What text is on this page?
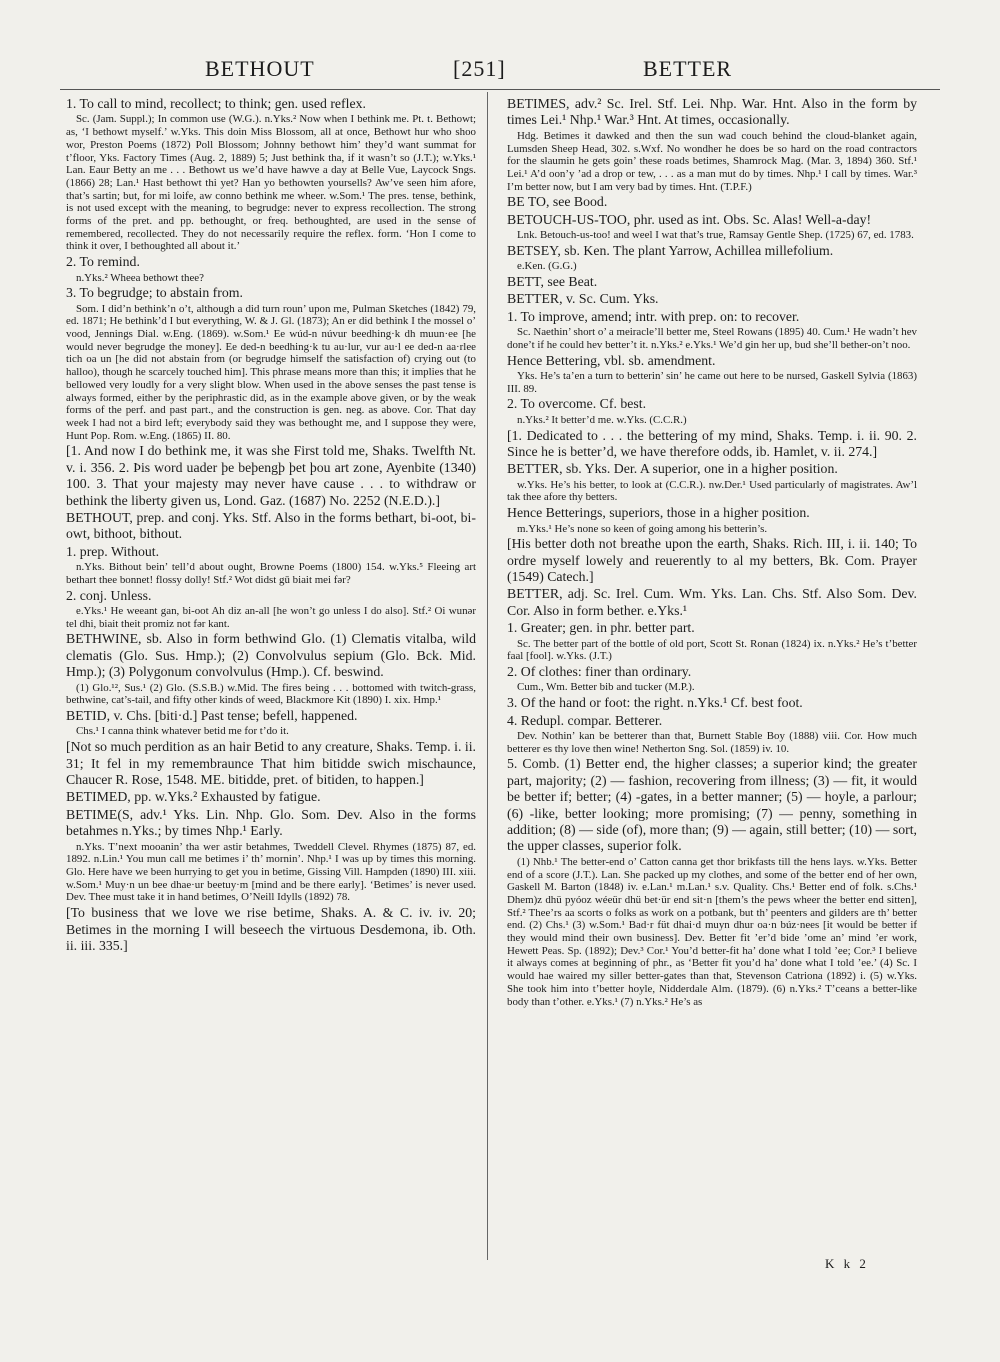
BETHOUT	[251]	BETTER

1. To call to mind, recollect; to think; gen. used reflex.

Sc. (Jam. Suppl.); In common use (W.G.). n.Yks.² Now when I bethink me. Pt. t. Bethowt; as, ‘I bethowt myself.’ w.Yks. This doin Miss Blossom, all at once, Bethowt hur who shoo wor, Preston Poems (1872) Poll Blossom; Johnny bethowt him’ they’d want summat for t’floor, Yks. Factory Times (Aug. 2, 1889) 5; Just bethink tha, if it wasn’t so (J.T.); w.Yks.¹ Lan. Eaur Betty an me . . . Bethowt us we’d have hawve a day at Belle Vue, Laycock Sngs. (1866) 28; Lan.¹ Hast bethowt thi yet? Han yo bethowten yoursells? Aw’ve seen him afore, that’s sartin; but, for mi loife, aw conno bethink me wheer. w.Som.¹ The pres. tense, bethink, is not used except with the meaning, to begrudge: never to express recollection. The strong forms of the pret. and pp. bethought, or freq. bethoughted, are used in the sense of remembered, recollected. They do not necessarily require the reflex. form. ‘Hon I come to think it over, I bethoughted all about it.’

2. To remind.

n.Yks.² Wheea bethowt thee?

3. To begrudge; to abstain from.

Som. I did’n bethink’n o’t, although a did turn roun’ upon me, Pulman Sketches (1842) 79, ed. 1871; He bethink’d I but everything, W. & J. Gl. (1873); An er did bethink I the mossel o’ vood, Jennings Dial. w.Eng. (1869). w.Som.¹ Ee wúd-n núvur beedhing·k dh muun·ee [he would never begrudge the money]. Ee ded-n beedhing·k tu au·lur, vur au·l ee ded-n aa·rlee tich oa un [he did not abstain from (or begrudge himself the satisfaction of) crying out (to halloo), though he scarcely touched him]. This phrase means more than this; it implies that he bellowed very loudly for a very slight blow. When used in the above senses the past tense is always formed, either by the periphrastic did, as in the example above given, or by the weak forms of the perf. and past part., and the construction is gen. neg. as above. Cor. That day week I had not a bird left; everybody said they was bethought me, and I suppose they were, Hunt Pop. Rom. w.Eng. (1865) II. 80.

[1. And now I do bethink me, it was she First told me, Shaks. Twelfth Nt. v. i. 356. 2. Þis word uader þe beþengþ þet þou art zone, Ayenbite (1340) 100. 3. That your majesty may never have cause . . . to withdraw or bethink the liberty given us, Lond. Gaz. (1687) No. 2252 (N.E.D.).]

BETHOUT, prep. and conj. Yks. Stf. Also in the forms bethart, bi-oot, bi-owt, bithoot, bithout.

1. prep. Without.

n.Yks. Bithout bein’ tell’d about ought, Browne Poems (1800) 154. w.Yks.⁵ Fleeing art bethart thee bonnet! flossy dolly! Stf.² Wot didst gū biait mei fər?

2. conj. Unless.

e.Yks.¹ He weeant gan, bi-oot Ah diz an-all [he won’t go unless I do also]. Stf.² Oi wunər tel dhi, biait theit promiz not fər kant.

BETHWINE, sb. Also in form bethwind Glo. (1) Clematis vitalba, wild clematis (Glo. Sus. Hmp.); (2) Convolvulus sepium (Glo. Bck. Mid. Hmp.); (3) Polygonum convolvulus (Hmp.). Cf. beswind.

(1) Glo.¹², Sus.¹ (2) Glo. (S.S.B.) w.Mid. The fires being . . . bottomed with twitch-grass, bethwine, cat’s-tail, and fifty other kinds of weed, Blackmore Kit (1890) I. xix. Hmp.¹

BETID, v. Chs. [biti·d.] Past tense; befell, happened.

Chs.¹ I canna think whatever betid me for t’do it.

[Not so much perdition as an hair Betid to any creature, Shaks. Temp. i. ii. 31; It fel in my remembraunce That him bitidde swich mischaunce, Chaucer R. Rose, 1548. ME. bitidde, pret. of bitiden, to happen.]

BETIMED, pp. w.Yks.² Exhausted by fatigue.

BETIME(S, adv.¹ Yks. Lin. Nhp. Glo. Som. Dev. Also in the forms betahmes n.Yks.; by times Nhp.¹ Early.

n.Yks. T’next mooanin’ tha wer astir betahmes, Tweddell Clevel. Rhymes (1875) 87, ed. 1892. n.Lin.¹ You mun call me betimes i’ th’ mornin’. Nhp.¹ I was up by times this morning. Glo. Here have we been hurrying to get you in betime, Gissing Vill. Hampden (1890) III. xiii. w.Som.¹ Muy·n un bee dhae·ur beetuy·m [mind and be there early]. ‘Betimes’ is never used. Dev. Thee must take it in hand betimes, O’Neill Idylls (1892) 78.

[To business that we love we rise betime, Shaks. A. & C. iv. iv. 20; Betimes in the morning I will beseech the virtuous Desdemona, ib. Oth. ii. iii. 335.]

BETIMES, adv.² Sc. Irel. Stf. Lei. Nhp. War. Hnt. Also in the form by times Lei.¹ Nhp.¹ War.³ Hnt. At times, occasionally.

Hdg. Betimes it dawked and then the sun wad couch behind the cloud-blanket again, Lumsden Sheep Head, 302. s.Wxf. No wondher he does be so hard on the road contractors for the slaumin he gets goin’ these roads betimes, Shamrock Mag. (Mar. 3, 1894) 360. Stf.¹ Lei.¹ A’d oon’y ’ad a drop or tew, . . . as a man mut do by times. Nhp.¹ I call by times. War.³ I’m better now, but I am very bad by times. Hnt. (T.P.F.)

BE TO, see Bood.

BETOUCH-US-TOO, phr. used as int. Obs. Sc. Alas! Well-a-day!

Lnk. Betouch-us-too! and weel I wat that’s true, Ramsay Gentle Shep. (1725) 67, ed. 1783.

BETSEY, sb. Ken. The plant Yarrow, Achillea millefolium.

e.Ken. (G.G.)

BETT, see Beat.

BETTER, v. Sc. Cum. Yks.

1. To improve, amend; intr. with prep. on: to recover.

Sc. Naethin’ short o’ a meiracle’ll better me, Steel Rowans (1895) 40. Cum.¹ He wadn’t hev done’t if he could hev better’t it. n.Yks.² e.Yks.¹ We’d gin her up, bud she’ll bether-on’t noo.

Hence Bettering, vbl. sb. amendment.

Yks. He’s ta’en a turn to betterin’ sin’ he came out here to be nursed, Gaskell Sylvia (1863) III. 89.

2. To overcome. Cf. best.

n.Yks.² It better’d me. w.Yks. (C.C.R.)

[1. Dedicated to . . . the bettering of my mind, Shaks. Temp. i. ii. 90. 2. Since he is better’d, we have therefore odds, ib. Hamlet, v. ii. 274.]

BETTER, sb. Yks. Der. A superior, one in a higher position.

w.Yks. He’s his better, to look at (C.C.R.). nw.Der.¹ Used particularly of magistrates. Aw’l tak thee afore thy betters.

Hence Betterings, superiors, those in a higher position.

m.Yks.¹ He’s none so keen of going among his betterin’s.

[His better doth not breathe upon the earth, Shaks. Rich. III, i. ii. 140; To ordre myself lowely and reuerently to al my betters, Bk. Com. Prayer (1549) Catech.]

BETTER, adj. Sc. Irel. Cum. Wm. Yks. Lan. Chs. Stf. Also Som. Dev. Cor. Also in form bether. e.Yks.¹

1. Greater; gen. in phr. better part.

Sc. The better part of the bottle of old port, Scott St. Ronan (1824) ix. n.Yks.² He’s t’better faal [fool]. w.Yks. (J.T.)

2. Of clothes: finer than ordinary.

Cum., Wm. Better bib and tucker (M.P.).

3. Of the hand or foot: the right. n.Yks.¹ Cf. best foot.

4. Redupl. compar. Betterer.

Dev. Nothin’ kan be betterer than that, Burnett Stable Boy (1888) viii. Cor. How much betterer es thy love then wine! Netherton Sng. Sol. (1859) iv. 10.

5. Comb. (1) Better end, the higher classes; a superior kind; the greater part, majority; (2) — fashion, recovering from illness; (3) — fit, it would be better if; better; (4) -gates, in a better manner; (5) — hoyle, a parlour; (6) -like, better looking; more promising; (7) — penny, something in addition; (8) — side (of), more than; (9) — again, still better; (10) — sort, the upper classes, superior folk.

(1) Nhb.¹ The better-end o’ Catton canna get thor brikfasts till the hens lays. w.Yks. Better end of a score (J.T.). Lan. She packed up my clothes, and some of the better end of her own, Gaskell M. Barton (1848) iv. e.Lan.¹ m.Lan.¹ s.v. Quality. Chs.¹ Better end of folk. s.Chs.¹ Dhem)z dhü pyóoz wéeür dhü bet·ür end sit·n [them’s the pews wheer the better end sitten], Stf.² Thee’rs aa scorts o folks as work on a potbank, but th’ peenters and gilders are th’ better end. (2) Chs.¹ (3) w.Som.¹ Bad·r füt dhai·d muyn dhur oa·n búz·nees [it would be better if they would mind their own business]. Dev. Better fit ’er’d bide ’ome an’ mind ’er work, Hewett Peas. Sp. (1892); Dev.³ Cor.¹ You’d better-fit ha’ done what I told ’ee; Cor.³ I believe it always comes at beginning of phr., as ‘Better fit you’d ha’ done what I told ’ee.’ (4) Sc. I would hae waired my siller better-gates than that, Stevenson Catriona (1892) i. (5) w.Yks. She took him into t’better hoyle, Nidderdale Alm. (1879). (6) n.Yks.² T’ceans a better-like body than t’other. e.Yks.¹ (7) n.Yks.² He’s as

K k 2
